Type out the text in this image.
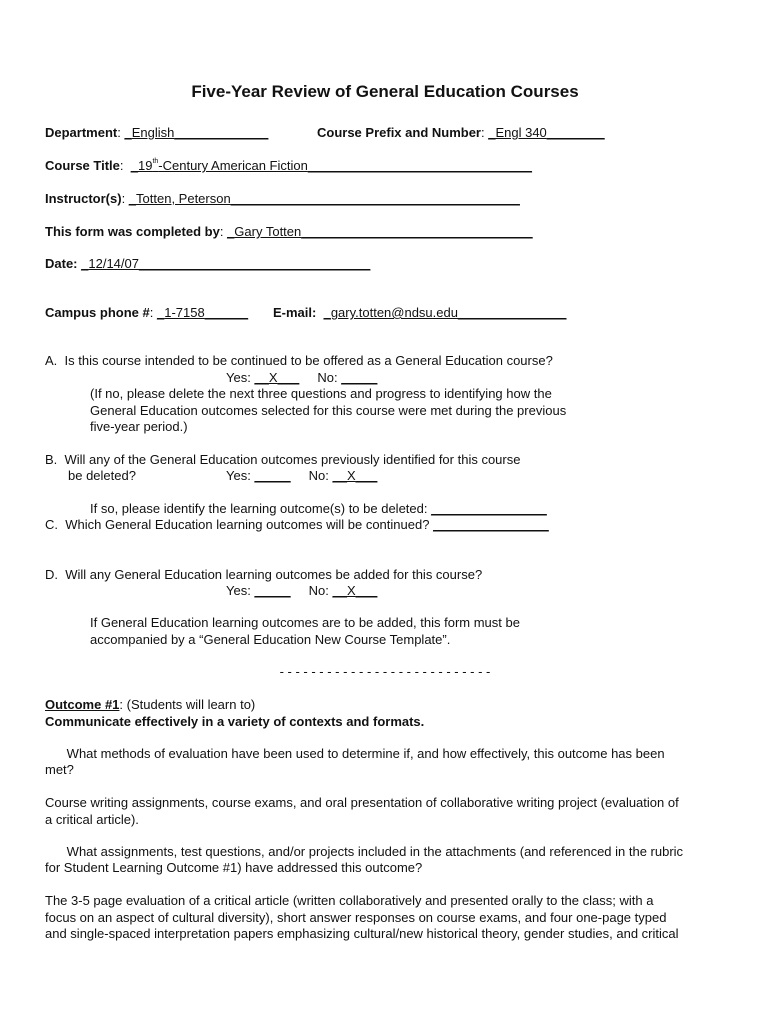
Five-Year Review of General Education Courses
Department: _English_____________	Course Prefix and Number: _Engl 340________
Course Title:  _19th-Century American Fiction_______________________________
Instructor(s): _Totten, Peterson________________________________________
This form was completed by: _Gary Totten________________________________
Date: _12/14/07________________________________
Campus phone #: _1-7158______ E-mail: _gary.totten@ndsu.edu_______________
A.  Is this course intended to be continued to be offered as a General Education course?
Yes: __X___ No: _____
(If no, please delete the next three questions and progress to identifying how the
General Education outcomes selected for this course were met during the previous
five-year period.)
B.  Will any of the General Education outcomes previously identified for this course
be deleted?	Yes: _____ No: __X___
If so, please identify the learning outcome(s) to be deleted: ________________
C.  Which General Education learning outcomes will be continued? ________________
D.  Will any General Education learning outcomes be added for this course?
Yes: _____ No: __X___
If General Education learning outcomes are to be added, this form must be
accompanied by a “General Education New Course Template”.
- - - - - - - - - - - - - - - - - - - - - - - - - - -
Outcome #1: (Students will learn to)
Communicate effectively in a variety of contexts and formats.
What methods of evaluation have been used to determine if, and how effectively, this outcome has been
met?
Course writing assignments, course exams, and oral presentation of collaborative writing project (evaluation of
a critical article).
What assignments, test questions, and/or projects included in the attachments (and referenced in the rubric
for Student Learning Outcome #1) have addressed this outcome?
The 3-5 page evaluation of a critical article (written collaboratively and presented orally to the class; with a
focus on an aspect of cultural diversity), short answer responses on course exams, and four one-page typed
and single-spaced interpretation papers emphasizing cultural/new historical theory, gender studies, and critical
